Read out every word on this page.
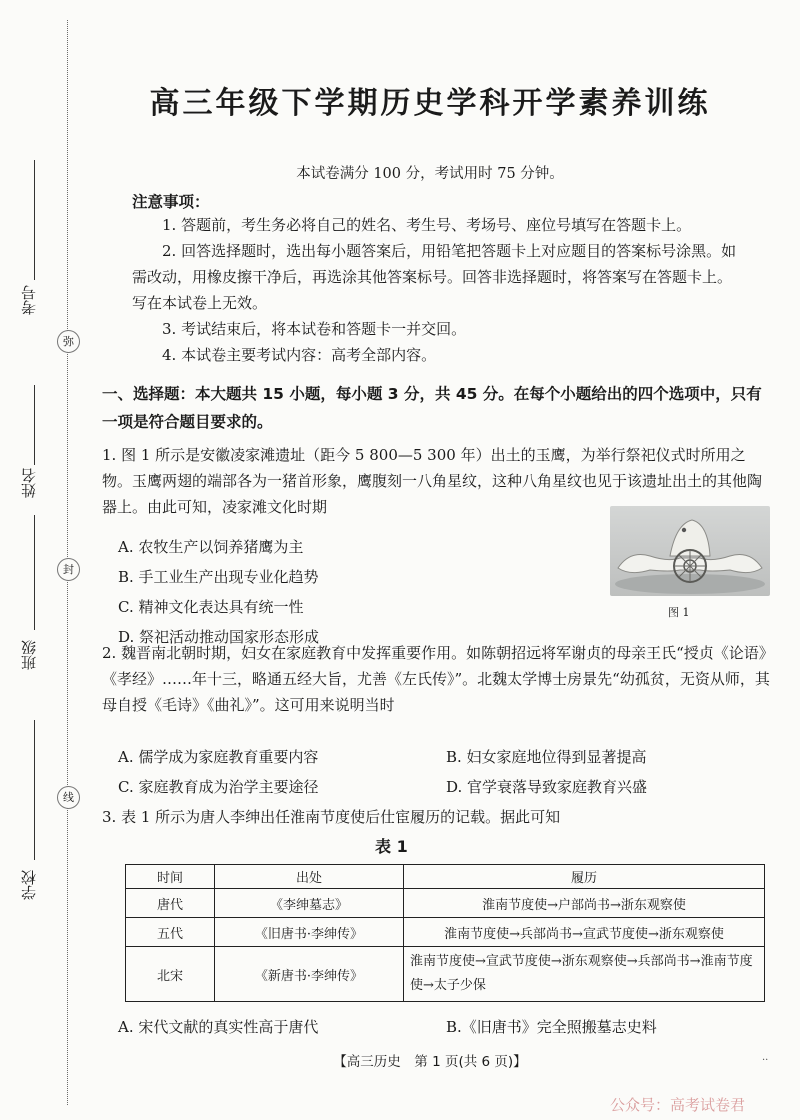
考号
姓名
班级
学校
弥
封
线
高三年级下学期历史学科开学素养训练
本试卷满分 100 分，考试用时 75 分钟。
注意事项：

1. 答题前，考生务必将自己的姓名、考生号、考场号、座位号填写在答题卡上。

2. 回答选择题时，选出每小题答案后，用铅笔把答题卡上对应题目的答案标号涂黑。如需改动，用橡皮擦干净后，再选涂其他答案标号。回答非选择题时，将答案写在答题卡上。写在本试卷上无效。

3. 考试结束后，将本试卷和答题卡一并交回。

4. 本试卷主要考试内容：高考全部内容。

一、选择题：本大题共 15 小题，每小题 3 分，共 45 分。在每个小题给出的四个选项中，只有一项是符合题目要求的。

1. 图 1 所示是安徽凌家滩遗址（距今 5 800—5 300 年）出土的玉鹰，为举行祭祀仪式时所用之物。玉鹰两翅的端部各为一猪首形象，鹰腹刻一八角星纹，这种八角星纹也见于该遗址出土的其他陶器上。由此可知，凌家滩文化时期

A. 农牧生产以饲养猪鹰为主
B. 手工业生产出现专业化趋势
C. 精神文化表达具有统一性
D. 祭祀活动推动国家形态形成
图 1

2. 魏晋南北朝时期，妇女在家庭教育中发挥重要作用。如陈朝招远将军谢贞的母亲王氏“授贞《论语》《孝经》……年十三，略通五经大旨，尤善《左氏传》”。北魏太学博士房景先“幼孤贫，无资从师，其母自授《毛诗》《曲礼》”。这可用来说明当时

A. 儒学成为家庭教育重要内容	B. 妇女家庭地位得到显著提高
C. 家庭教育成为治学主要途径	D. 官学衰落导致家庭教育兴盛

3. 表 1 所示为唐人李绅出任淮南节度使后仕宦履历的记载。据此可知

表 1
时间	出处	履历
唐代	《李绅墓志》	淮南节度使→户部尚书→浙东观察使
五代	《旧唐书·李绅传》	淮南节度使→兵部尚书→宣武节度使→浙东观察使
北宋	《新唐书·李绅传》	淮南节度使→宣武节度使→浙东观察使→兵部尚书→淮南节度使→太子少保
A. 宋代文献的真实性高于唐代	B.《旧唐书》完全照搬墓志史料
【高三历史　第 1 页(共 6 页)】	··
公众号：高考试卷君
